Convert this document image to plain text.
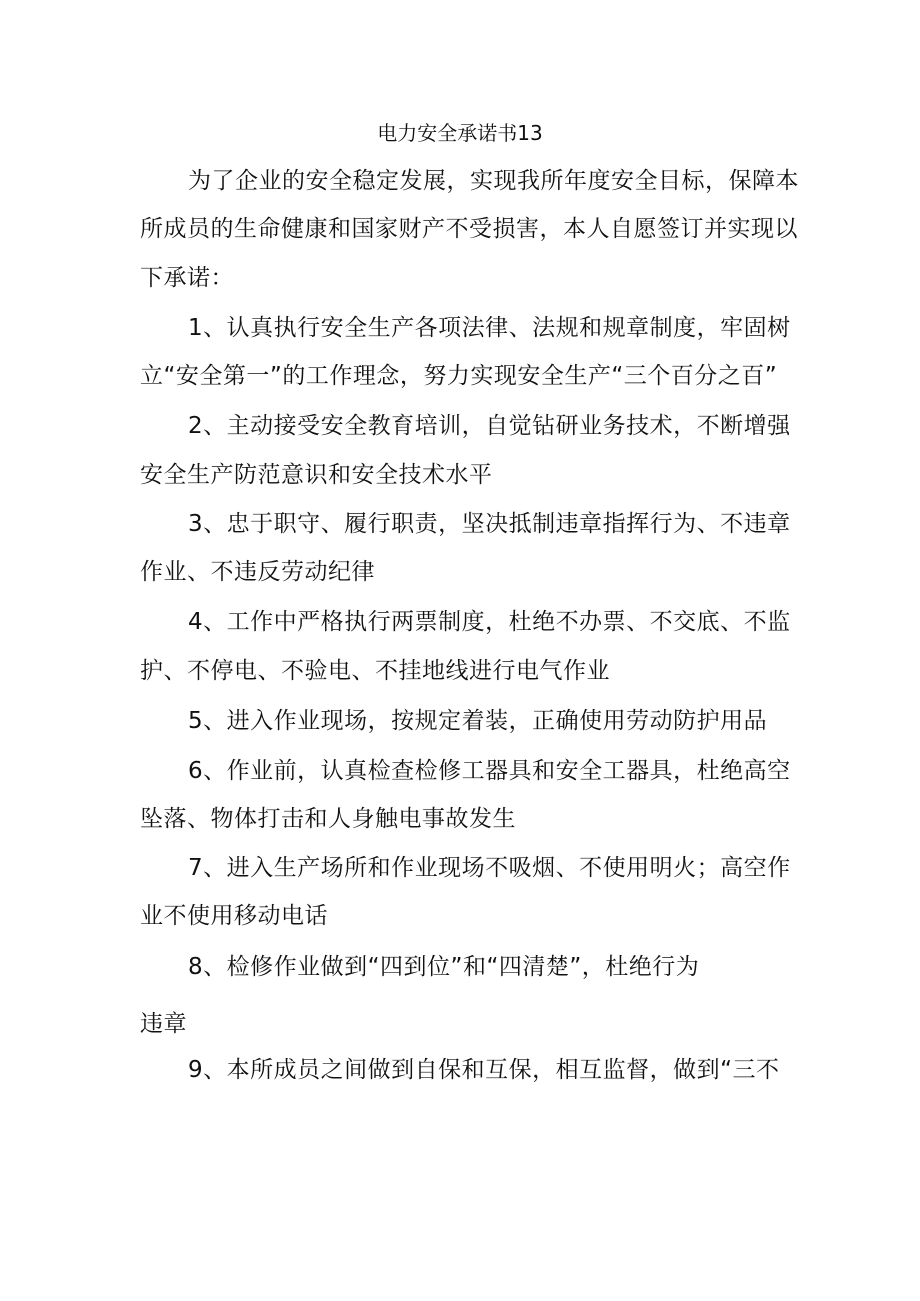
电力安全承诺书13
为了企业的安全稳定发展，实现我所年度安全目标，保障本
所成员的生命健康和国家财产不受损害，本人自愿签订并实现以
下承诺：
1、认真执行安全生产各项法律、法规和规章制度，牢固树
立“安全第一”的工作理念，努力实现安全生产“三个百分之百”
2、主动接受安全教育培训，自觉钻研业务技术，不断增强
安全生产防范意识和安全技术水平
3、忠于职守、履行职责，坚决抵制违章指挥行为、不违章
作业、不违反劳动纪律
4、工作中严格执行两票制度，杜绝不办票、不交底、不监
护、不停电、不验电、不挂地线进行电气作业
5、进入作业现场，按规定着装，正确使用劳动防护用品
6、作业前，认真检查检修工器具和安全工器具，杜绝高空
坠落、物体打击和人身触电事故发生
7、进入生产场所和作业现场不吸烟、不使用明火；高空作
业不使用移动电话
8、检修作业做到“四到位”和“四清楚”，杜绝行为
违章
9、本所成员之间做到自保和互保，相互监督，做到“三不
